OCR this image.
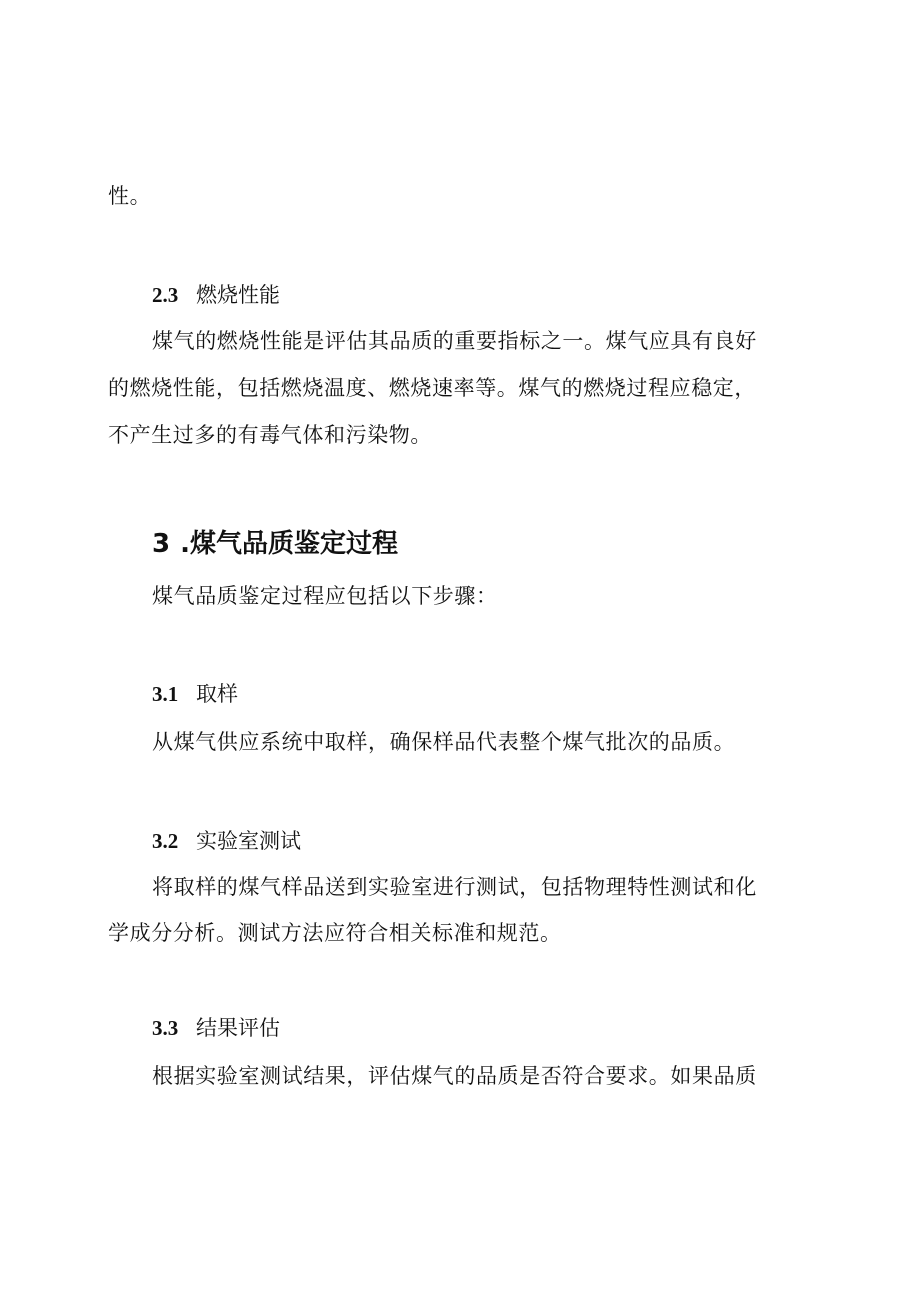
性。
2.3 燃烧性能
煤气的燃烧性能是评估其品质的重要指标之一。煤气应具有良好
的燃烧性能，包括燃烧温度、燃烧速率等。煤气的燃烧过程应稳定，
不产生过多的有毒气体和污染物。
3 .煤气品质鉴定过程
煤气品质鉴定过程应包括以下步骤：
3.1 取样
从煤气供应系统中取样，确保样品代表整个煤气批次的品质。
3.2 实验室测试
将取样的煤气样品送到实验室进行测试，包括物理特性测试和化
学成分分析。测试方法应符合相关标准和规范。
3.3 结果评估
根据实验室测试结果，评估煤气的品质是否符合要求。如果品质
